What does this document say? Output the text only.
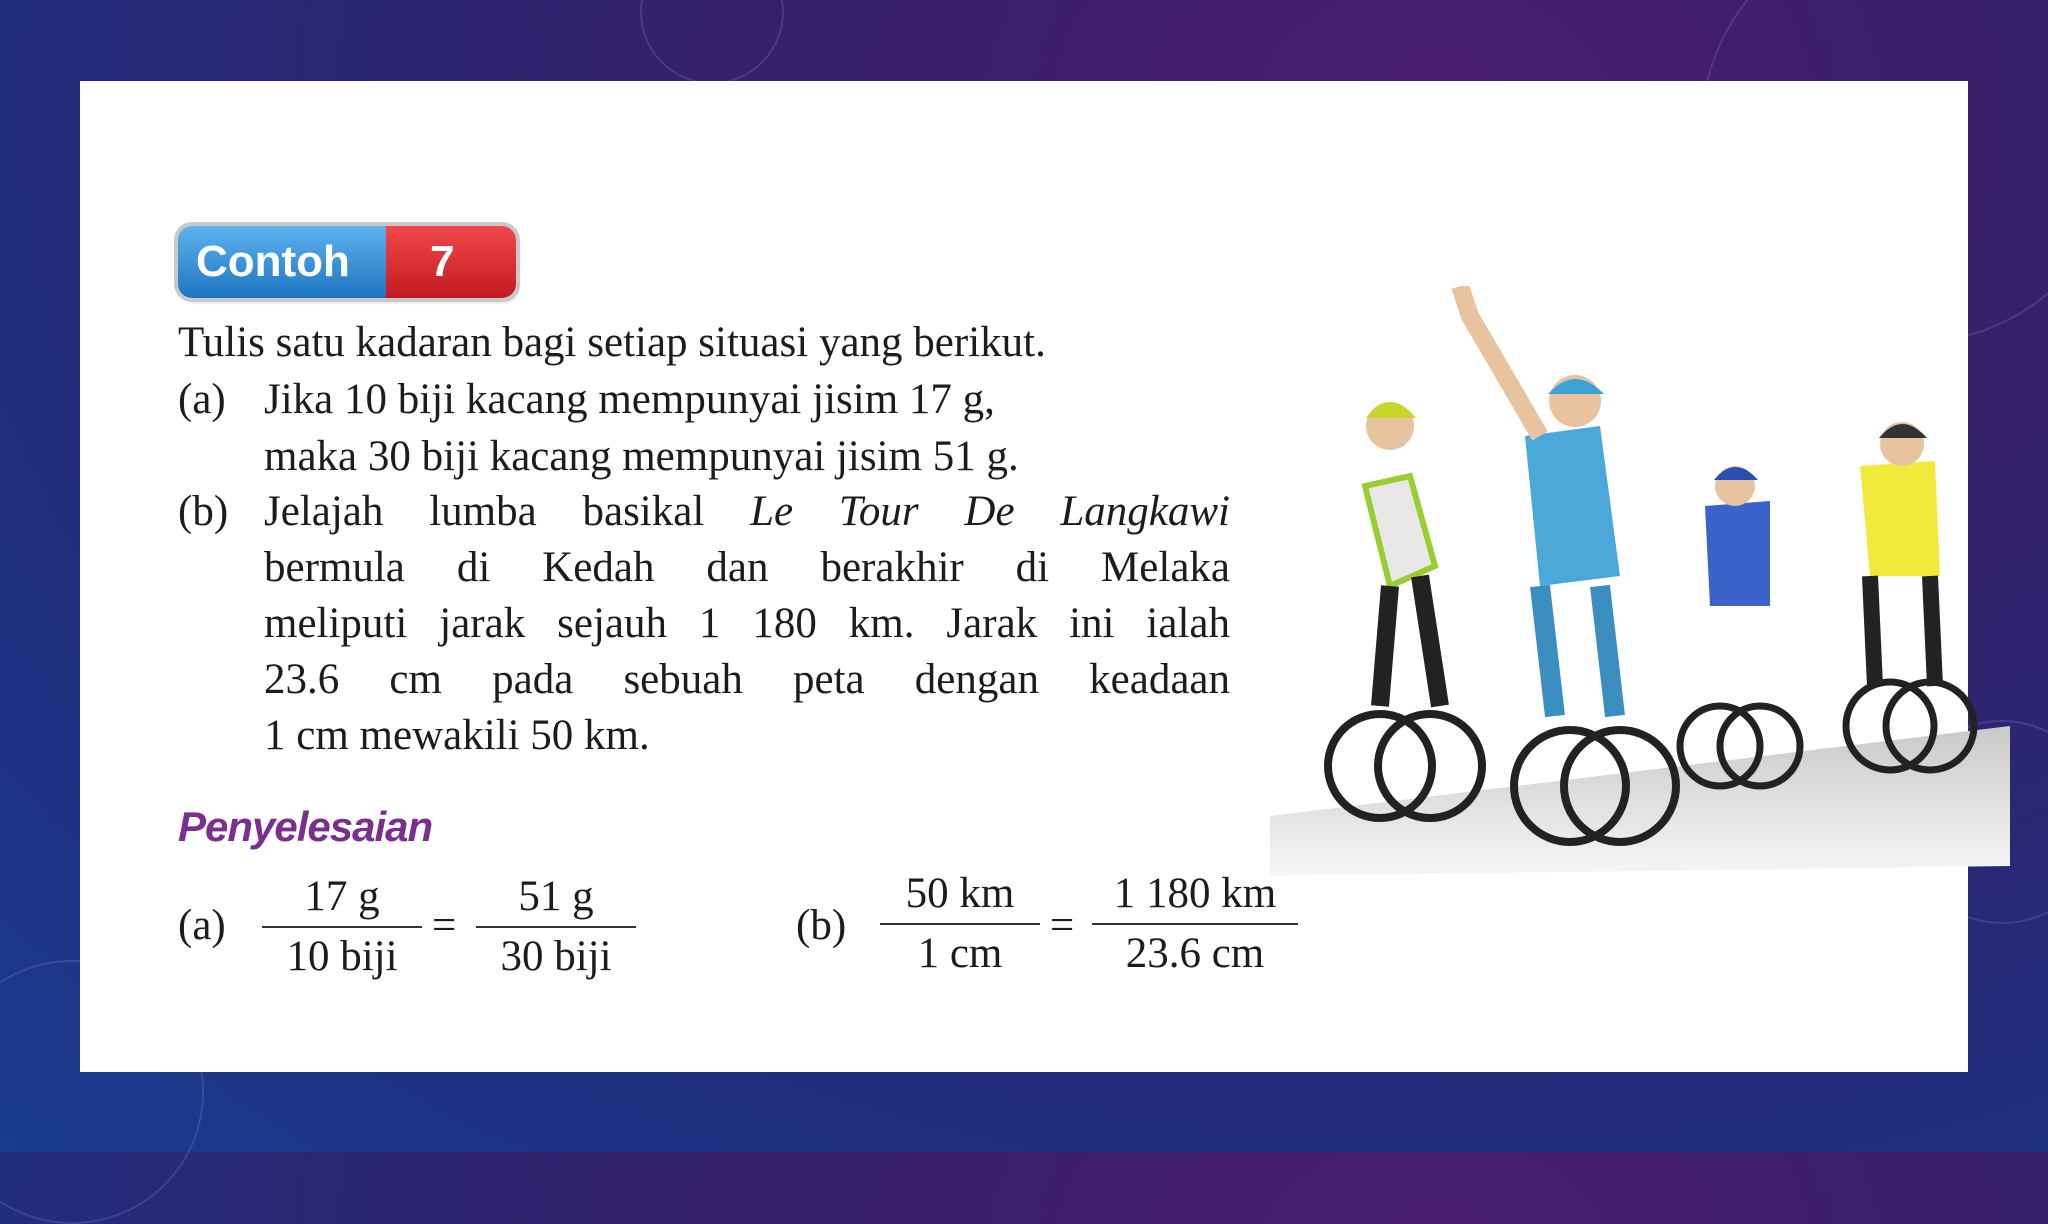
Contoh	7
Tulis satu kadaran bagi setiap situasi yang berikut.
(a) Jika 10 biji kacang mempunyai jisim 17 g,
maka 30 biji kacang mempunyai jisim 51 g.
(b) Jelajah lumba basikal Le Tour De Langkawi
bermula di Kedah dan berakhir di Melaka
meliputi jarak sejauh 1 180 km. Jarak ini ialah
23.6 cm pada sebuah peta dengan keadaan
1 cm mewakili 50 km.
Penyelesaian
(a)
17 g
10 biji
=
51 g
30 biji
(b)
50 km
1 cm
=
1 180 km
23.6 cm
